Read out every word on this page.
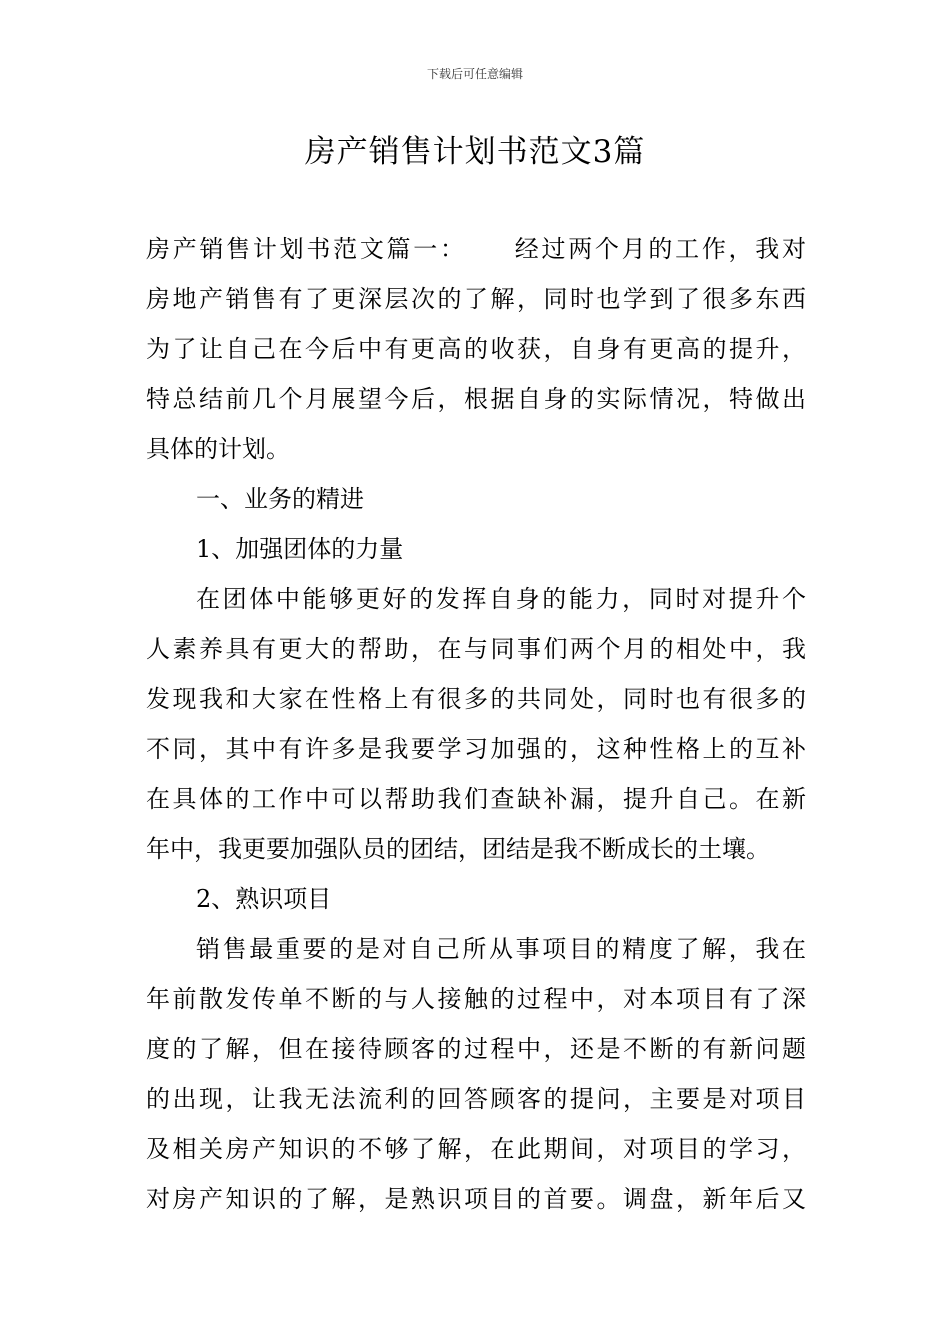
下载后可任意编辑
房产销售计划书范文3篇
房产销售计划书范文篇一： 经过两个月的工作，我对
房地产销售有了更深层次的了解，同时也学到了很多东西
为了让自己在今后中有更高的收获，自身有更高的提升，
特总结前几个月展望今后，根据自身的实际情况，特做出
具体的计划。
一、业务的精进
1、加强团体的力量
在团体中能够更好的发挥自身的能力，同时对提升个
人素养具有更大的帮助，在与同事们两个月的相处中，我
发现我和大家在性格上有很多的共同处，同时也有很多的
不同，其中有许多是我要学习加强的，这种性格上的互补
在具体的工作中可以帮助我们查缺补漏，提升自己。在新
年中，我更要加强队员的团结，团结是我不断成长的土壤。
2、熟识项目
销售最重要的是对自己所从事项目的精度了解，我在
年前散发传单不断的与人接触的过程中，对本项目有了深
度的了解，但在接待顾客的过程中，还是不断的有新问题
的出现，让我无法流利的回答顾客的提问，主要是对项目
及相关房产知识的不够了解，在此期间，对项目的学习，
对房产知识的了解，是熟识项目的首要。调盘，新年后又
